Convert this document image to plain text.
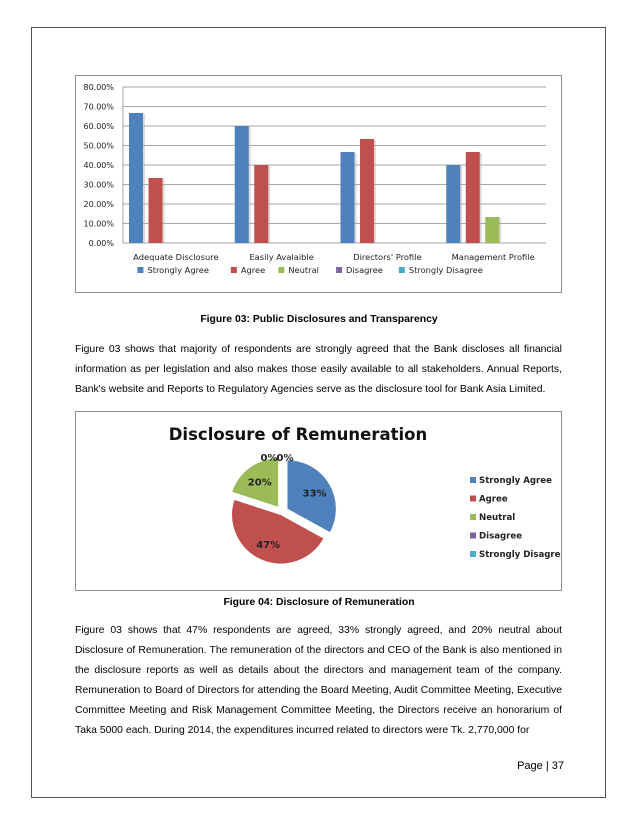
0.00%
10.00%
20.00%
30.00%
40.00%
50.00%
60.00%
70.00%
80.00%
Adequate Disclosure	Easily Avalaible	Directors' Profile	Management Profile
Strongly Agree	Agree	Neutral	Disagree	Strongly Disagree
Figure 03: Public Disclosures and Transparency

Figure 03 shows that majority of respondents are strongly agreed that the Bank discloses all financial information as per legislation and also makes those easily available to all stakeholders. Annual Reports, Bank's website and Reports to Regulatory Agencies serve as the disclosure tool for Bank Asia Limited.

Disclosure of Remuneration
33%
47%
20%
0% 0%
Strongly Agree
Agree
Neutral
Disagree
Strongly Disagree
Figure 04: Disclosure of Remuneration

Figure 03 shows that 47% respondents are agreed, 33% strongly agreed, and 20% neutral about Disclosure of Remuneration. The remuneration of the directors and CEO of the Bank is also mentioned in the disclosure reports as well as details about the directors and management team of the company. Remuneration to Board of Directors for attending the Board Meeting, Audit Committee Meeting, Executive Committee Meeting and Risk Management Committee Meeting, the Directors receive an honorarium of Taka 5000 each. During 2014, the expenditures incurred related to directors were Tk. 2,770,000 for

Page | 37
